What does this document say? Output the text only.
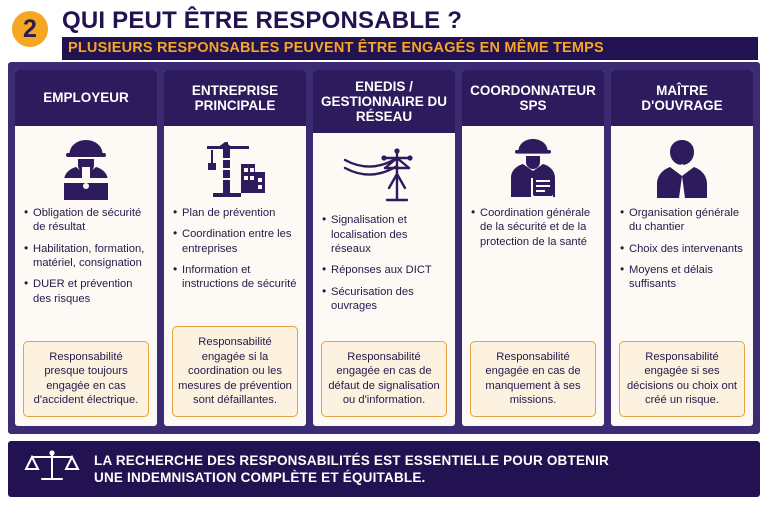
2	QUI PEUT ÊTRE RESPONSABLE ?
PLUSIEURS RESPONSABLES PEUVENT ÊTRE ENGAGÉS EN MÊME TEMPS
EMPLOYEUR
• Obligation de sécurité de résultat
• Habilitation, formation, matériel, consignation
• DUER et prévention des risques
Responsabilité presque toujours engagée en cas d'accident électrique.
ENTREPRISE PRINCIPALE
• Plan de prévention
• Coordination entre les entreprises
• Information et instructions de sécurité
Responsabilité engagée si la coordination ou les mesures de prévention sont défaillantes.
ENEDIS / GESTIONNAIRE DU RÉSEAU
• Signalisation et localisation des réseaux
• Réponses aux DICT
• Sécurisation des ouvrages
Responsabilité engagée en cas de défaut de signalisation ou d'information.
COORDONNATEUR SPS
• Coordination générale de la sécurité et de la protection de la santé
Responsabilité engagée en cas de manquement à ses missions.
MAÎTRE D'OUVRAGE
• Organisation générale du chantier
• Choix des intervenants
• Moyens et délais suffisants
Responsabilité engagée si ses décisions ou choix ont créé un risque.
LA RECHERCHE DES RESPONSABILITÉS EST ESSENTIELLE POUR OBTENIR
UNE INDEMNISATION COMPLÈTE ET ÉQUITABLE.
